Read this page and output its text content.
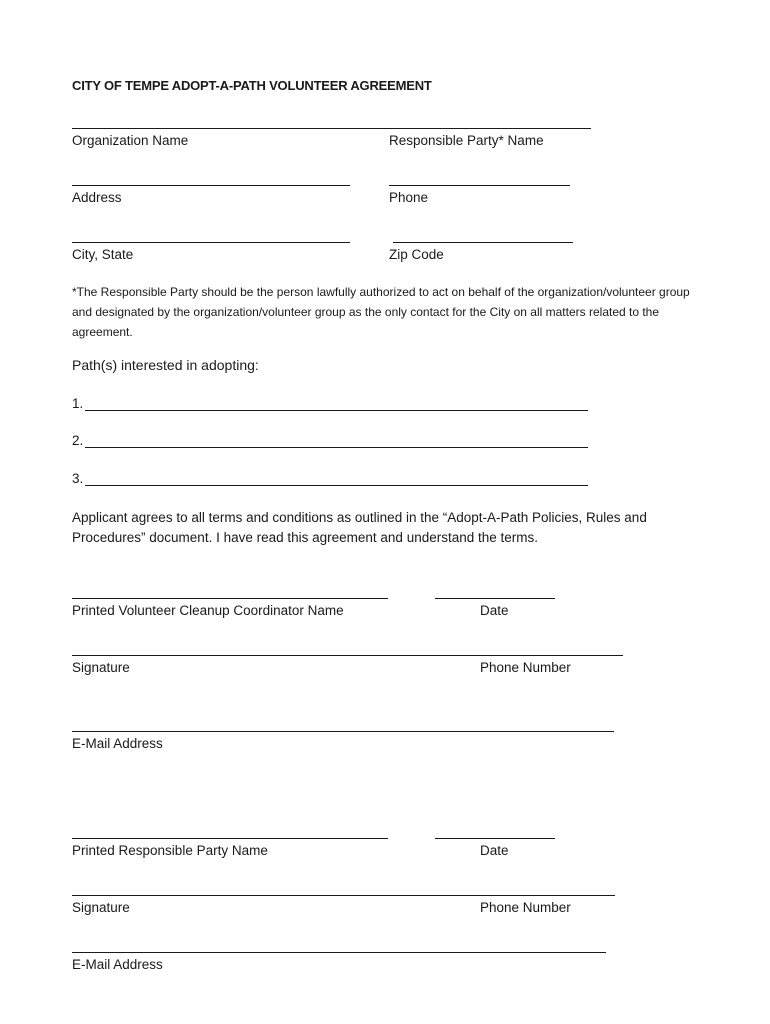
CITY OF TEMPE ADOPT-A-PATH VOLUNTEER AGREEMENT
Organization Name	Responsible Party* Name
Address	Phone
City, State	Zip Code
*The Responsible Party should be the person lawfully authorized to act on behalf of the organization/volunteer group and designated by the organization/volunteer group as the only contact for the City on all matters related to the agreement.
Path(s) interested in adopting:
1.
2.
3.
Applicant agrees to all terms and conditions as outlined in the “Adopt-A-Path Policies, Rules and Procedures” document. I have read this agreement and understand the terms.
Printed Volunteer Cleanup Coordinator Name	Date
Signature	Phone Number
E-Mail Address
Printed Responsible Party Name	Date
Signature	Phone Number
E-Mail Address
